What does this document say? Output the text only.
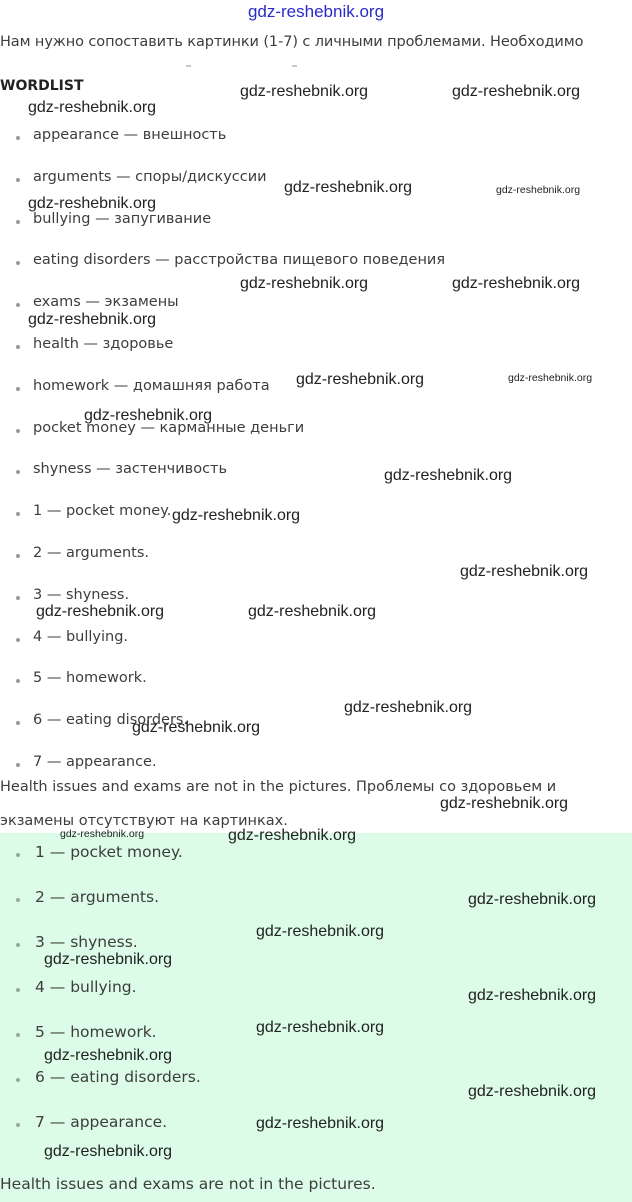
gdz-reshebnik.org
Нам нужно сопоставить картинки (1-7) с личными проблемами. Необходимо
WORDLIST
appearance — внешность
arguments — споры/дискуссии
bullying — запугивание
eating disorders — расстройства пищевого поведения
exams — экзамены
health — здоровье
homework — домашняя работа
pocket money — карманные деньги
shyness — застенчивость
1 — pocket money.
2 — arguments.
3 — shyness.
4 — bullying.
5 — homework.
6 — eating disorders.
7 — appearance.
Health issues and exams are not in the pictures. Проблемы со здоровьем и экзамены отсутствуют на картинках.
1 — pocket money.
2 — arguments.
3 — shyness.
4 — bullying.
5 — homework.
6 — eating disorders.
7 — appearance.
Health issues and exams are not in the pictures.
gdz-reshebnik.org
gdz-reshebnik.org	gdz-reshebnik.org
gdz-reshebnik.org	gdz-reshebnik.org
gdz-reshebnik.org
gdz-reshebnik.org	gdz-reshebnik.org
gdz-reshebnik.org
gdz-reshebnik.org	gdz-reshebnik.org
gdz-reshebnik.org
gdz-reshebnik.org
gdz-reshebnik.org
gdz-reshebnik.org
gdz-reshebnik.org	gdz-reshebnik.org
gdz-reshebnik.org
gdz-reshebnik.org
gdz-reshebnik.org
gdz-reshebnik.org	gdz-reshebnik.org
gdz-reshebnik.org
gdz-reshebnik.org
gdz-reshebnik.org
gdz-reshebnik.org
gdz-reshebnik.org
gdz-reshebnik.org
gdz-reshebnik.org
gdz-reshebnik.org
gdz-reshebnik.org
